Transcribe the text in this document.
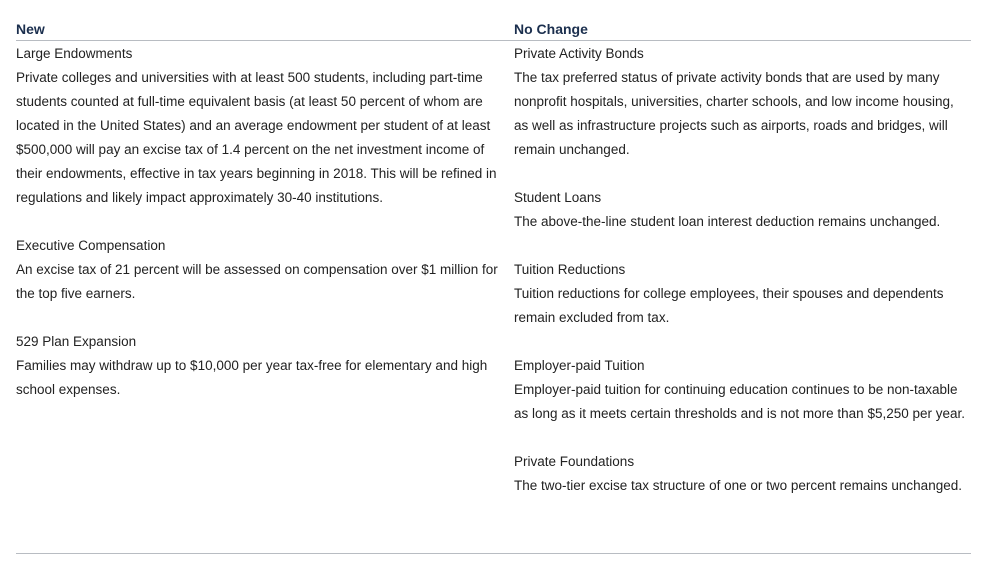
New
Large Endowments
Private colleges and universities with at least 500 students, including part-time students counted at full-time equivalent basis (at least 50 percent of whom are located in the United States) and an average endowment per student of at least $500,000 will pay an excise tax of 1.4 percent on the net investment income of their endowments, effective in tax years beginning in 2018. This will be refined in regulations and likely impact approximately 30-40 institutions.
Executive Compensation
An excise tax of 21 percent will be assessed on compensation over $1 million for the top five earners.
529 Plan Expansion
Families may withdraw up to $10,000 per year tax-free for elementary and high school expenses.
No Change
Private Activity Bonds
The tax preferred status of private activity bonds that are used by many nonprofit hospitals, universities, charter schools, and low income housing, as well as infrastructure projects such as airports, roads and bridges, will remain unchanged.
Student Loans
The above-the-line student loan interest deduction remains unchanged.
Tuition Reductions
Tuition reductions for college employees, their spouses and dependents remain excluded from tax.
Employer-paid Tuition
Employer-paid tuition for continuing education continues to be non-taxable as long as it meets certain thresholds and is not more than $5,250 per year.
Private Foundations
The two-tier excise tax structure of one or two percent remains unchanged.
